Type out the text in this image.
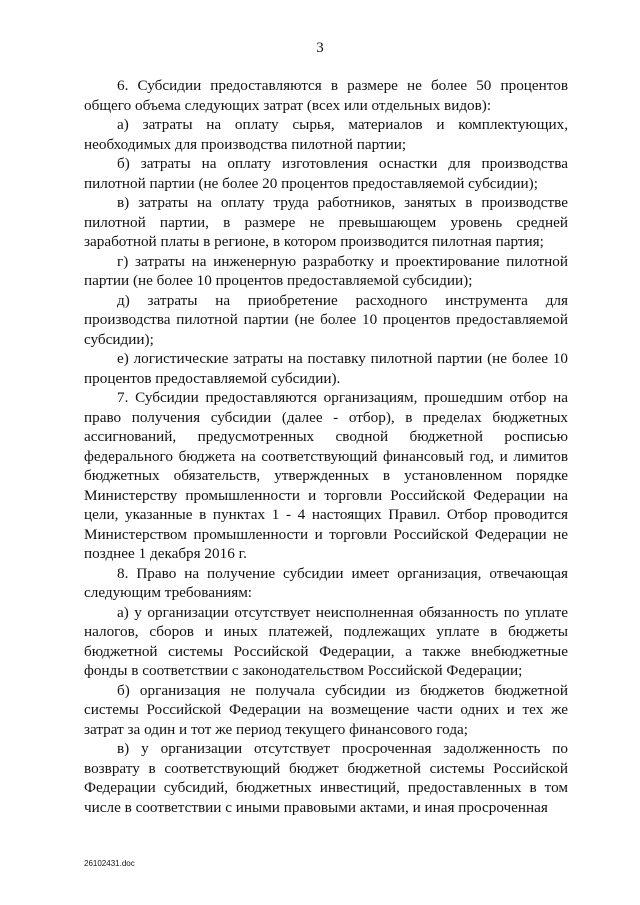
3

6. Субсидии предоставляются в размере не более 50 процентов общего объема следующих затрат (всех или отдельных видов):

а) затраты на оплату сырья, материалов и комплектующих, необходимых для производства пилотной партии;

б) затраты на оплату изготовления оснастки для производства пилотной партии (не более 20 процентов предоставляемой субсидии);

в) затраты на оплату труда работников, занятых в производстве пилотной партии, в размере не превышающем уровень средней заработной платы в регионе, в котором производится пилотная партия;

г) затраты на инженерную разработку и проектирование пилотной партии (не более 10 процентов предоставляемой субсидии);

д) затраты на приобретение расходного инструмента для производства пилотной партии (не более 10 процентов предоставляемой субсидии);

е) логистические затраты на поставку пилотной партии (не более 10 процентов предоставляемой субсидии).

7. Субсидии предоставляются организациям, прошедшим отбор на право получения субсидии (далее - отбор), в пределах бюджетных ассигнований, предусмотренных сводной бюджетной росписью федерального бюджета на соответствующий финансовый год, и лимитов бюджетных обязательств, утвержденных в установленном порядке Министерству промышленности и торговли Российской Федерации на цели, указанные в пунктах 1 - 4 настоящих Правил. Отбор проводится Министерством промышленности и торговли Российской Федерации не позднее 1 декабря 2016 г.

8. Право на получение субсидии имеет организация, отвечающая следующим требованиям:

а) у организации отсутствует неисполненная обязанность по уплате налогов, сборов и иных платежей, подлежащих уплате в бюджеты бюджетной системы Российской Федерации, а также внебюджетные фонды в соответствии с законодательством Российской Федерации;

б) организация не получала субсидии из бюджетов бюджетной системы Российской Федерации на возмещение части одних и тех же затрат за один и тот же период текущего финансового года;

в) у организации отсутствует просроченная задолженность по возврату в соответствующий бюджет бюджетной системы Российской Федерации субсидий, бюджетных инвестиций, предоставленных в том числе в соответствии с иными правовыми актами, и иная просроченная

26102431.doc
